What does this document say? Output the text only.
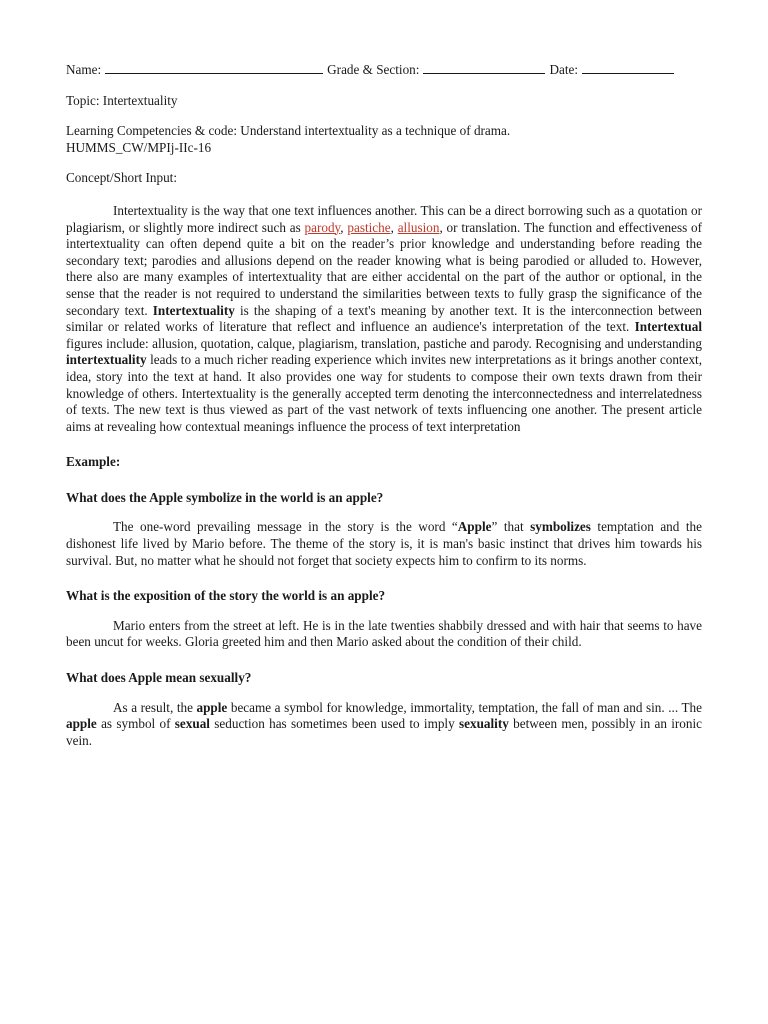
Name:	Grade & Section:	Date:

Topic: Intertextuality

Learning Competencies & code: Understand intertextuality as a technique of drama.

HUMMS_CW/MPIj-IIc-16

Concept/Short Input:

Intertextuality is the way that one text influences another. This can be a direct borrowing such as a quotation or plagiarism, or slightly more indirect such as parody, pastiche, allusion, or translation. The function and effectiveness of intertextuality can often depend quite a bit on the reader’s prior knowledge and understanding before reading the secondary text; parodies and allusions depend on the reader knowing what is being parodied or alluded to. However, there also are many examples of intertextuality that are either accidental on the part of the author or optional, in the sense that the reader is not required to understand the similarities between texts to fully grasp the significance of the secondary text. Intertextuality is the shaping of a text's meaning by another text. It is the interconnection between similar or related works of literature that reflect and influence an audience's interpretation of the text. Intertextual figures include: allusion, quotation, calque, plagiarism, translation, pastiche and parody. Recognising and understanding intertextuality leads to a much richer reading experience which invites new interpretations as it brings another context, idea, story into the text at hand. It also provides one way for students to compose their own texts drawn from their knowledge of others. Intertextuality is the generally accepted term denoting the interconnectedness and interrelatedness of texts. The new text is thus viewed as part of the vast network of texts influencing one another. The present article aims at revealing how contextual meanings influence the process of text interpretation

Example:

What does the Apple symbolize in the world is an apple?

The one-word prevailing message in the story is the word “Apple” that symbolizes temptation and the dishonest life lived by Mario before. The theme of the story is, it is man's basic instinct that drives him towards his survival. But, no matter what he should not forget that society expects him to confirm to its norms.

What is the exposition of the story the world is an apple?

Mario enters from the street at left. He is in the late twenties shabbily dressed and with hair that seems to have been uncut for weeks. Gloria greeted him and then Mario asked about the condition of their child.

What does Apple mean sexually?

As a result, the apple became a symbol for knowledge, immortality, temptation, the fall of man and sin. ... The apple as symbol of sexual seduction has sometimes been used to imply sexuality between men, possibly in an ironic vein.
